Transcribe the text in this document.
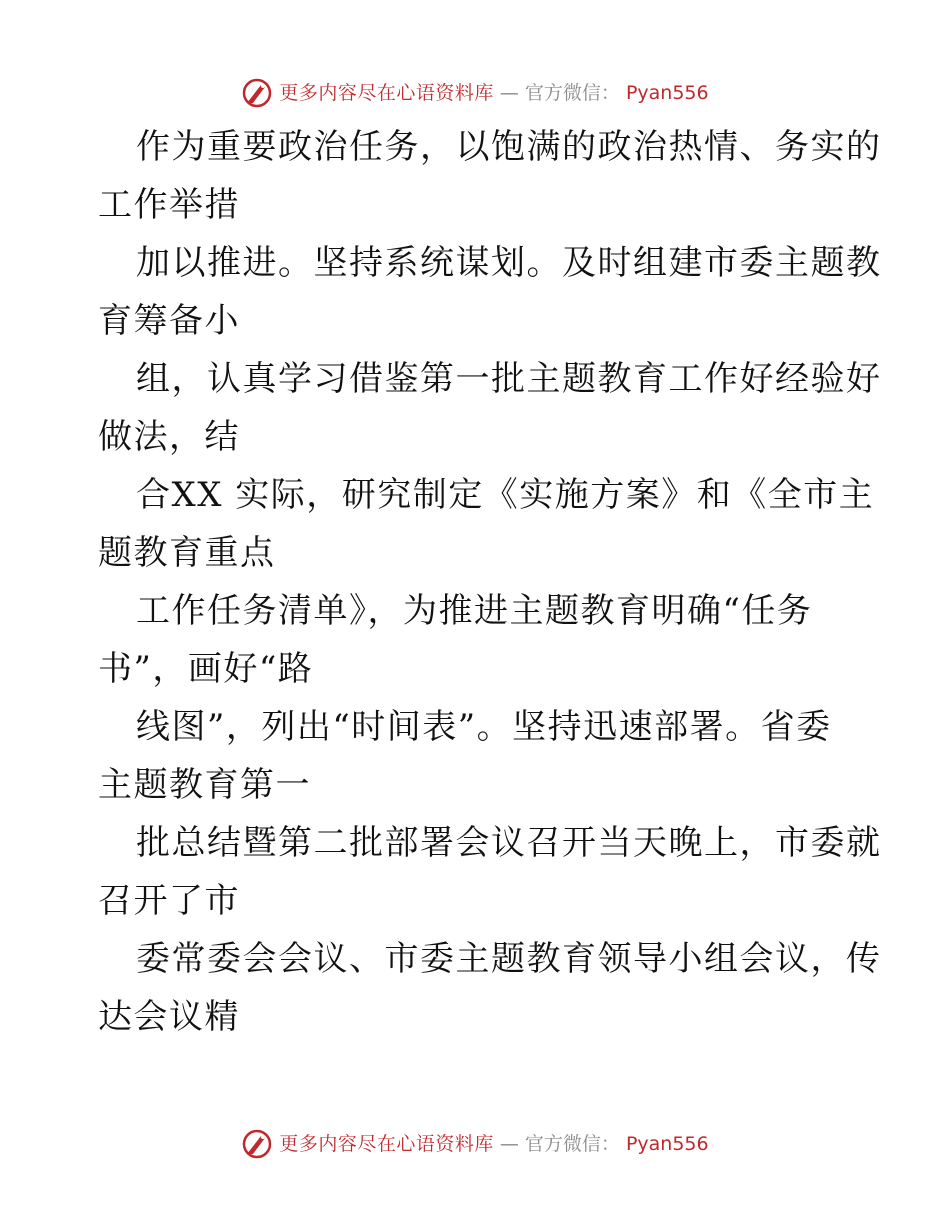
更多内容尽在心语资料库 — 官方微信： Pyan556
作为重要政治任务，以饱满的政治热情、务实的
工作举措
加以推进。坚持系统谋划。及时组建市委主题教
育筹备小
组，认真学习借鉴第一批主题教育工作好经验好
做法，结
合XX 实际，研究制定《实施方案》和《全市主
题教育重点
工作任务清单》，为推进主题教育明确“任务
书”，画好“路
线图”，列出“时间表”。坚持迅速部署。省委
主题教育第一
批总结暨第二批部署会议召开当天晚上，市委就
召开了市
委常委会会议、市委主题教育领导小组会议，传
达会议精
更多内容尽在心语资料库 — 官方微信： Pyan556
